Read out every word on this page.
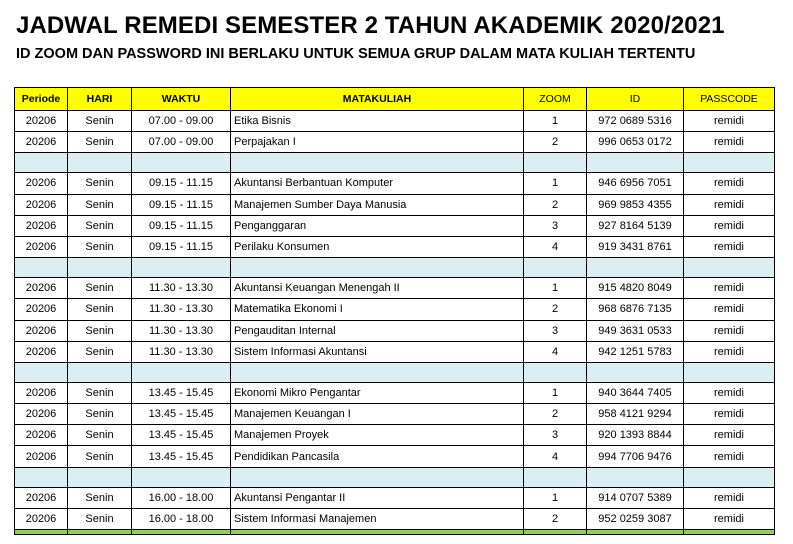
JADWAL REMEDI SEMESTER 2 TAHUN AKADEMIK 2020/2021
ID ZOOM DAN PASSWORD INI BERLAKU UNTUK SEMUA GRUP DALAM MATA KULIAH TERTENTU
Periode	HARI	WAKTU	MATAKULIAH	ZOOM	ID	PASSCODE
20206	Senin	07.00 - 09.00	Etika Bisnis	1	972 0689 5316	remidi
20206	Senin	07.00 - 09.00	Perpajakan I	2	996 0653 0172	remidi

20206	Senin	09.15 - 11.15	Akuntansi Berbantuan Komputer	1	946 6956 7051	remidi
20206	Senin	09.15 - 11.15	Manajemen Sumber Daya Manusia	2	969 9853 4355	remidi
20206	Senin	09.15 - 11.15	Penganggaran	3	927 8164 5139	remidi
20206	Senin	09.15 - 11.15	Perilaku Konsumen	4	919 3431 8761	remidi

20206	Senin	11.30 - 13.30	Akuntansi Keuangan Menengah II	1	915 4820 8049	remidi
20206	Senin	11.30 - 13.30	Matematika Ekonomi I	2	968 6876 7135	remidi
20206	Senin	11.30 - 13.30	Pengauditan Internal	3	949 3631 0533	remidi
20206	Senin	11.30 - 13.30	Sistem Informasi Akuntansi	4	942 1251 5783	remidi

20206	Senin	13.45 - 15.45	Ekonomi Mikro Pengantar	1	940 3644 7405	remidi
20206	Senin	13.45 - 15.45	Manajemen Keuangan I	2	958 4121 9294	remidi
20206	Senin	13.45 - 15.45	Manajemen Proyek	3	920 1393 8844	remidi
20206	Senin	13.45 - 15.45	Pendidikan Pancasila	4	994 7706 9476	remidi

20206	Senin	16.00 - 18.00	Akuntansi Pengantar II	1	914 0707 5389	remidi
20206	Senin	16.00 - 18.00	Sistem Informasi Manajemen	2	952 0259 3087	remidi
